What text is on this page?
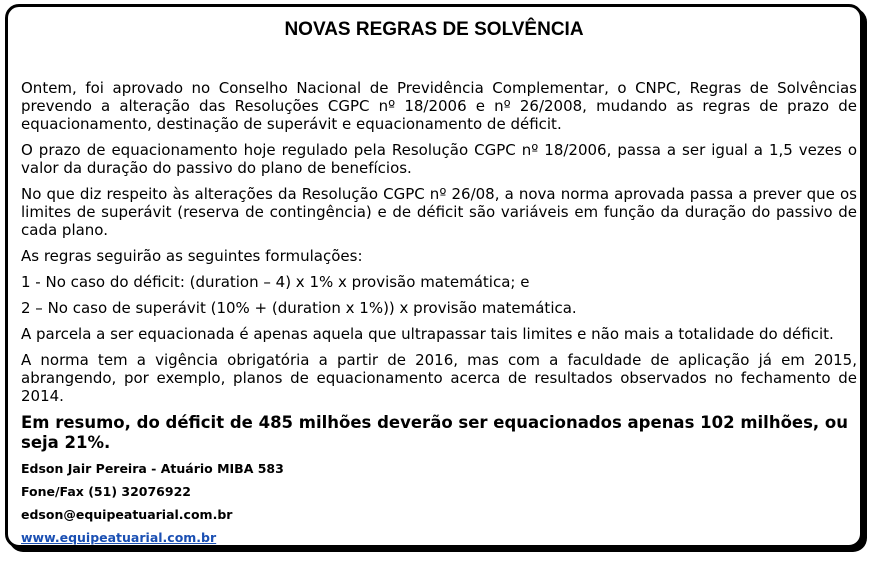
NOVAS REGRAS DE SOLVÊNCIA

Ontem, foi aprovado no Conselho Nacional de Previdência Complementar, o CNPC, Regras de Solvências prevendo a alteração das Resoluções CGPC nº 18/2006 e nº 26/2008, mudando as regras de prazo de equacionamento, destinação de superávit e equacionamento de déficit.

O prazo de equacionamento hoje regulado pela Resolução CGPC nº 18/2006, passa a ser igual a 1,5 vezes o valor da duração do passivo do plano de benefícios.

No que diz respeito às alterações da Resolução CGPC nº 26/08, a nova norma aprovada passa a prever que os limites de superávit (reserva de contingência) e de déficit são variáveis em função da duração do passivo de cada plano.

As regras seguirão as seguintes formulações:

1 - No caso do déficit: (duration – 4) x 1% x provisão matemática; e

2 – No caso de superávit (10% + (duration x 1%)) x provisão matemática.

A parcela a ser equacionada é apenas aquela que ultrapassar tais limites e não mais a totalidade do déficit.

A norma tem a vigência obrigatória a partir de 2016, mas com a faculdade de aplicação já em 2015, abrangendo, por exemplo, planos de equacionamento acerca de resultados observados no fechamento de 2014.

Em resumo, do déficit de 485 milhões deverão ser equacionados apenas 102 milhões, ou seja 21%.

Edson Jair Pereira - Atuário MIBA 583

Fone/Fax (51) 32076922

edson@equipeatuarial.com.br

www.equipeatuarial.com.br
